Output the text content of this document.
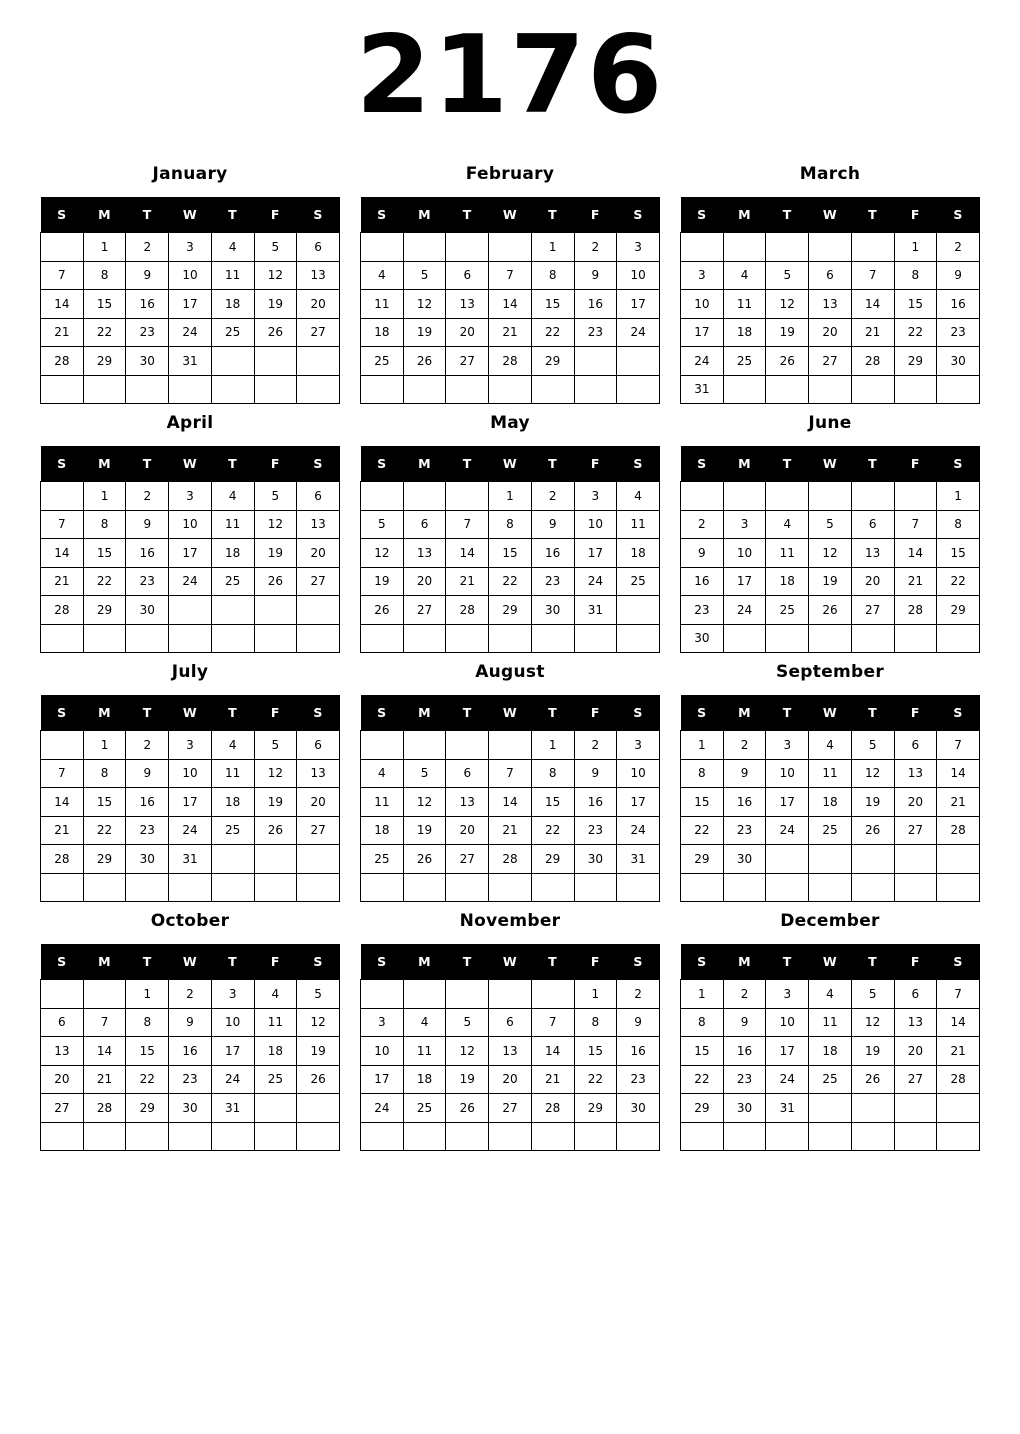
2176
January
S	M	T	W	T	F	S
	1	2	3	4	5	6
7	8	9	10	11	12	13
14	15	16	17	18	19	20
21	22	23	24	25	26	27
28	29	30	31			

February
S	M	T	W	T	F	S
				1	2	3
4	5	6	7	8	9	10
11	12	13	14	15	16	17
18	19	20	21	22	23	24
25	26	27	28	29		

March
S	M	T	W	T	F	S
					1	2
3	4	5	6	7	8	9
10	11	12	13	14	15	16
17	18	19	20	21	22	23
24	25	26	27	28	29	30
31						
April
S	M	T	W	T	F	S
	1	2	3	4	5	6
7	8	9	10	11	12	13
14	15	16	17	18	19	20
21	22	23	24	25	26	27
28	29	30				

May
S	M	T	W	T	F	S
			1	2	3	4
5	6	7	8	9	10	11
12	13	14	15	16	17	18
19	20	21	22	23	24	25
26	27	28	29	30	31	

June
S	M	T	W	T	F	S
						1
2	3	4	5	6	7	8
9	10	11	12	13	14	15
16	17	18	19	20	21	22
23	24	25	26	27	28	29
30						
July
S	M	T	W	T	F	S
	1	2	3	4	5	6
7	8	9	10	11	12	13
14	15	16	17	18	19	20
21	22	23	24	25	26	27
28	29	30	31			

August
S	M	T	W	T	F	S
				1	2	3
4	5	6	7	8	9	10
11	12	13	14	15	16	17
18	19	20	21	22	23	24
25	26	27	28	29	30	31

September
S	M	T	W	T	F	S
1	2	3	4	5	6	7
8	9	10	11	12	13	14
15	16	17	18	19	20	21
22	23	24	25	26	27	28
29	30					

October
S	M	T	W	T	F	S
		1	2	3	4	5
6	7	8	9	10	11	12
13	14	15	16	17	18	19
20	21	22	23	24	25	26
27	28	29	30	31		

November
S	M	T	W	T	F	S
					1	2
3	4	5	6	7	8	9
10	11	12	13	14	15	16
17	18	19	20	21	22	23
24	25	26	27	28	29	30

December
S	M	T	W	T	F	S
1	2	3	4	5	6	7
8	9	10	11	12	13	14
15	16	17	18	19	20	21
22	23	24	25	26	27	28
29	30	31				
